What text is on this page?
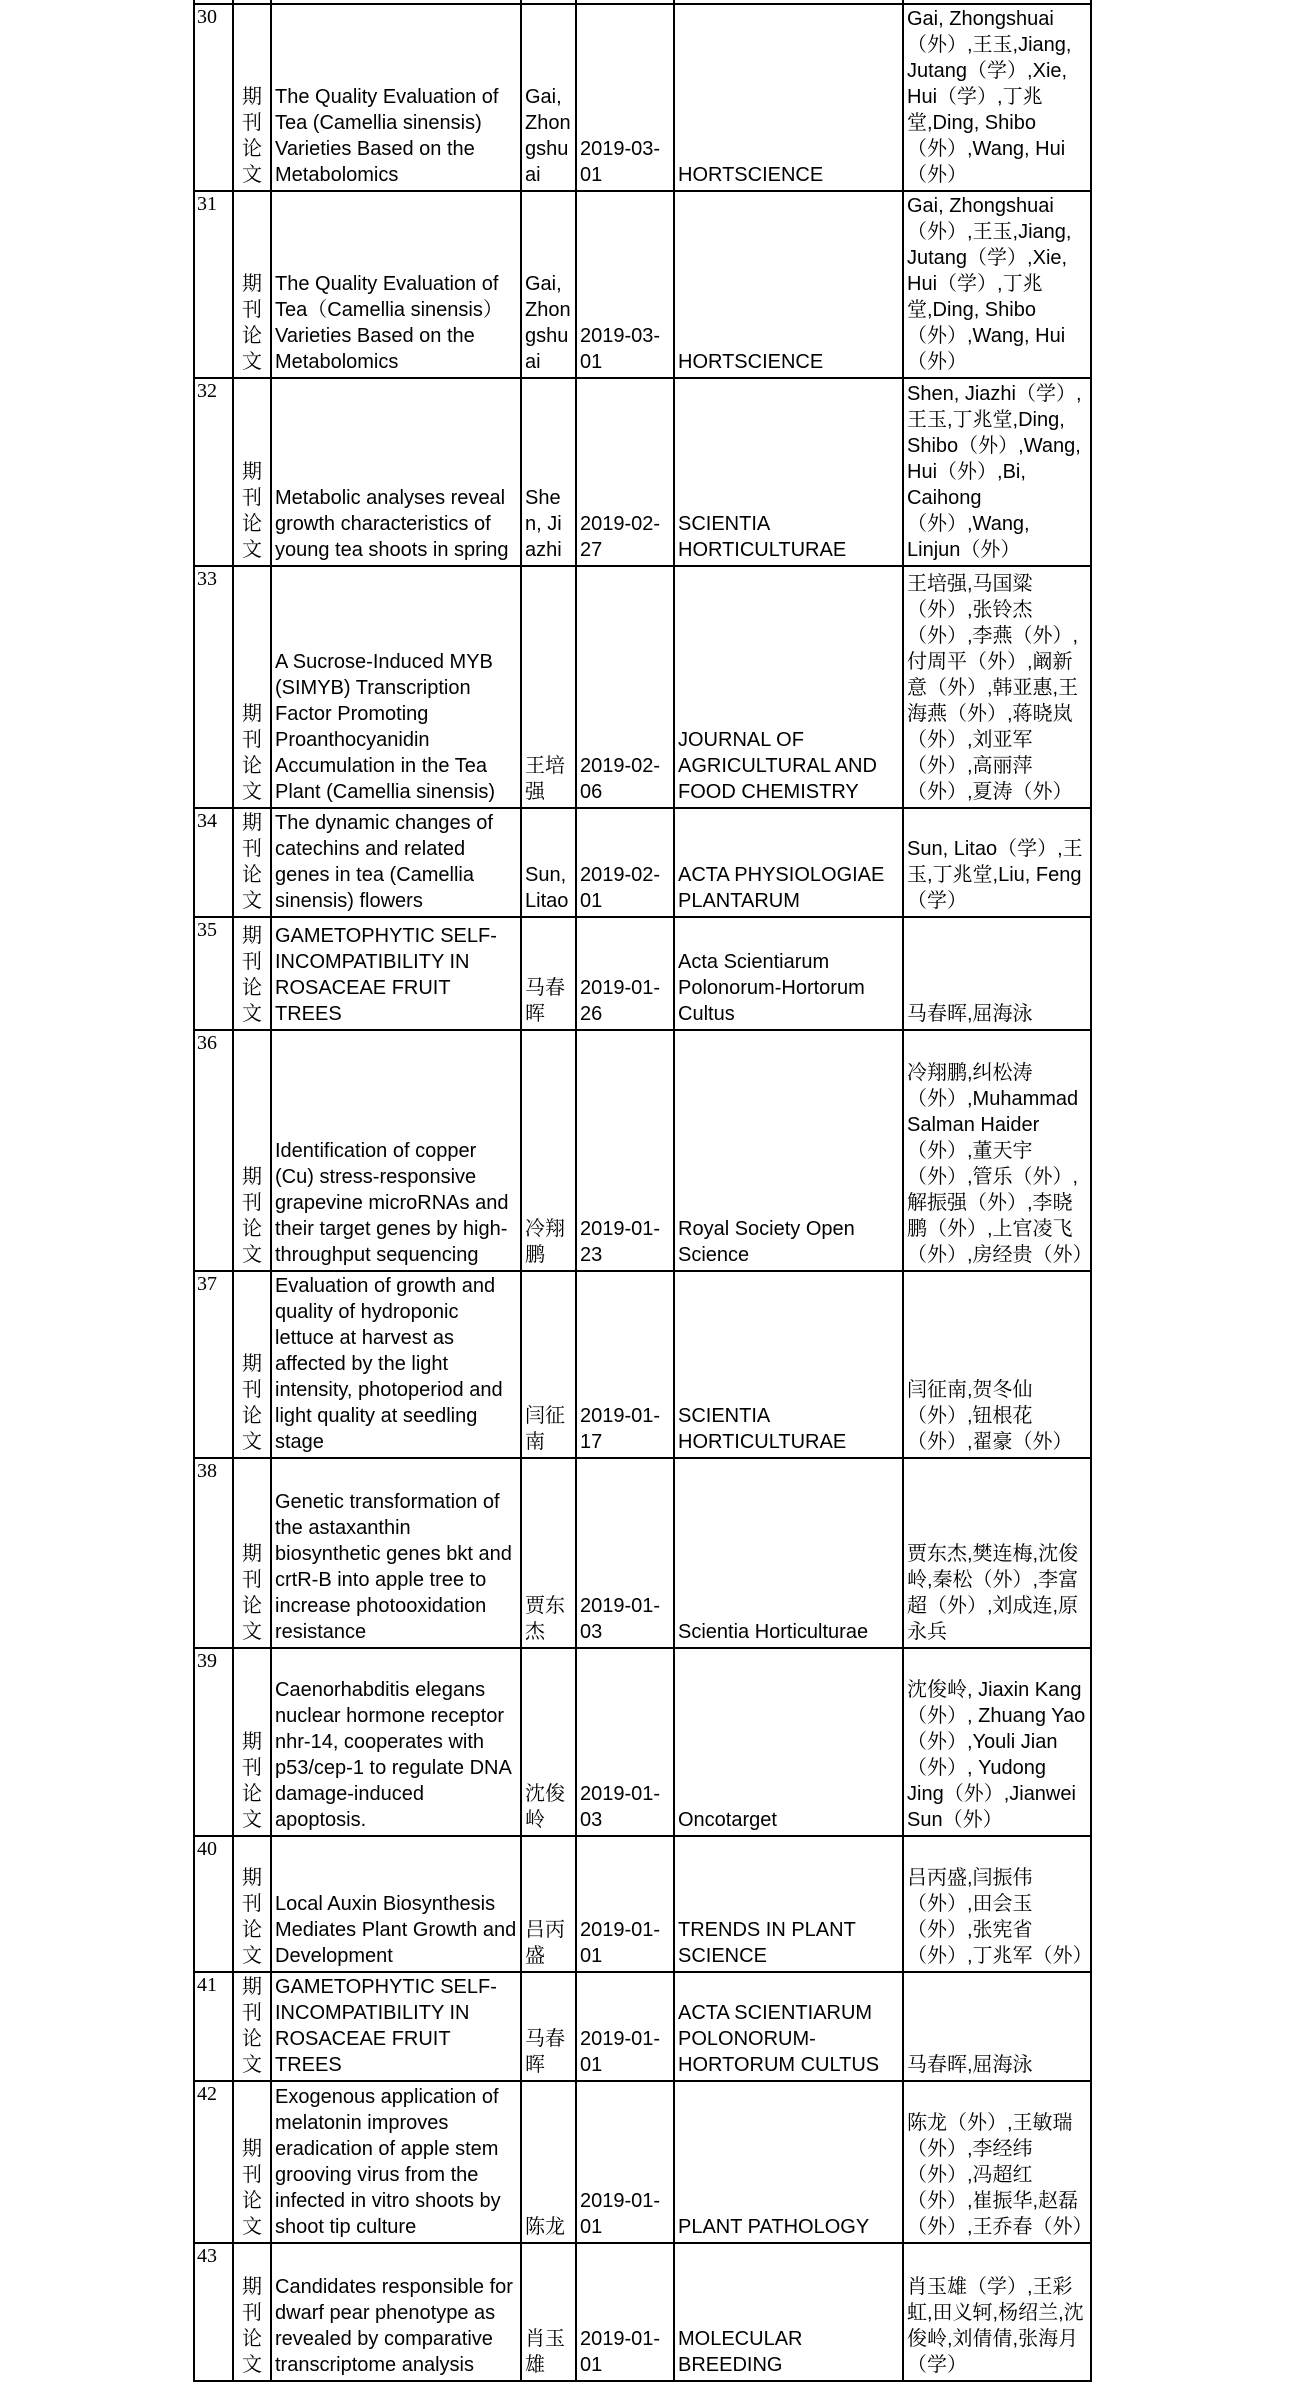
30	期刊论文	The Quality Evaluation of Tea (Camellia sinensis) Varieties Based on the Metabolomics	Gai, Zhongshuai	2019-03-01	HORTSCIENCE	Gai, Zhongshuai（外）,王玉,Jiang, Jutang（学）,Xie, Hui（学）,丁兆堂,Ding, Shibo（外）,Wang, Hui（外）
31	期刊论文	The Quality Evaluation of Tea（Camellia sinensis）Varieties Based on the Metabolomics	Gai, Zhongshuai	2019-03-01	HORTSCIENCE	Gai, Zhongshuai（外）,王玉,Jiang, Jutang（学）,Xie, Hui（学）,丁兆堂,Ding, Shibo（外）,Wang, Hui（外）
32	期刊论文	Metabolic analyses reveal growth characteristics of young tea shoots in spring	Shen, Jiazhi	2019-02-27	SCIENTIA HORTICULTURAE	Shen, Jiazhi（学）,王玉,丁兆堂,Ding, Shibo（外）,Wang, Hui（外）,Bi, Caihong（外）,Wang, Linjun（外）
33	期刊论文	A Sucrose-Induced MYB (SIMYB) Transcription Factor Promoting Proanthocyanidin Accumulation in the Tea Plant (Camellia sinensis)	王培强	2019-02-06	JOURNAL OF AGRICULTURAL AND FOOD CHEMISTRY	王培强,马国粱（外）,张铃杰（外）,李燕（外）,付周平（外）,阚新意（外）,韩亚惠,王海燕（外）,蒋晓岚（外）,刘亚军（外）,高丽萍（外）,夏涛（外）
34	期刊论文	The dynamic changes of catechins and related genes in tea (Camellia sinensis) flowers	Sun, Litao	2019-02-01	ACTA PHYSIOLOGIAE PLANTARUM	Sun, Litao（学）,王玉,丁兆堂,Liu, Feng（学）
35	期刊论文	GAMETOPHYTIC SELF-INCOMPATIBILITY IN ROSACEAE FRUIT TREES	马春晖	2019-01-26	Acta Scientiarum Polonorum-Hortorum Cultus	马春晖,屈海泳
36	期刊论文	Identification of copper (Cu) stress-responsive grapevine microRNAs and their target genes by high-throughput sequencing	冷翔鹏	2019-01-23	Royal Society Open Science	冷翔鹏,纠松涛（外）,Muhammad Salman Haider（外）,董天宇（外）,管乐（外）,解振强（外）,李晓鹏（外）,上官凌飞（外）,房经贵（外）
37	期刊论文	Evaluation of growth and quality of hydroponic lettuce at harvest as affected by the light intensity, photoperiod and light quality at seedling stage	闫征南	2019-01-17	SCIENTIA HORTICULTURAE	闫征南,贺冬仙（外）,钮根花（外）,翟豪（外）
38	期刊论文	Genetic transformation of the astaxanthin biosynthetic genes bkt and crtR-B into apple tree to increase photooxidation resistance	贾东杰	2019-01-03	Scientia Horticulturae	贾东杰,樊连梅,沈俊岭,秦松（外）,李富超（外）,刘成连,原永兵
39	期刊论文	Caenorhabditis elegans nuclear hormone receptor nhr-14, cooperates with p53/cep-1 to regulate DNA damage-induced apoptosis.	沈俊岭	2019-01-03	Oncotarget	沈俊岭, Jiaxin Kang（外）, Zhuang Yao（外）,Youli Jian（外）, Yudong Jing（外）,Jianwei Sun（外）
40	期刊论文	Local Auxin Biosynthesis Mediates Plant Growth and Development	吕丙盛	2019-01-01	TRENDS IN PLANT SCIENCE	吕丙盛,闫振伟（外）,田会玉（外）,张宪省（外）,丁兆军（外）
41	期刊论文	GAMETOPHYTIC SELF-INCOMPATIBILITY IN ROSACEAE FRUIT TREES	马春晖	2019-01-01	ACTA SCIENTIARUM POLONORUM-HORTORUM CULTUS	马春晖,屈海泳
42	期刊论文	Exogenous application of melatonin improves eradication of apple stem grooving virus from the infected in vitro shoots by shoot tip culture	陈龙	2019-01-01	PLANT PATHOLOGY	陈龙（外）,王敏瑞（外）,李经纬（外）,冯超红（外）,崔振华,赵磊（外）,王乔春（外）
43	期刊论文	Candidates responsible for dwarf pear phenotype as revealed by comparative transcriptome analysis	肖玉雄	2019-01-01	MOLECULAR BREEDING	肖玉雄（学）,王彩虹,田义轲,杨绍兰,沈俊岭,刘倩倩,张海月（学）
